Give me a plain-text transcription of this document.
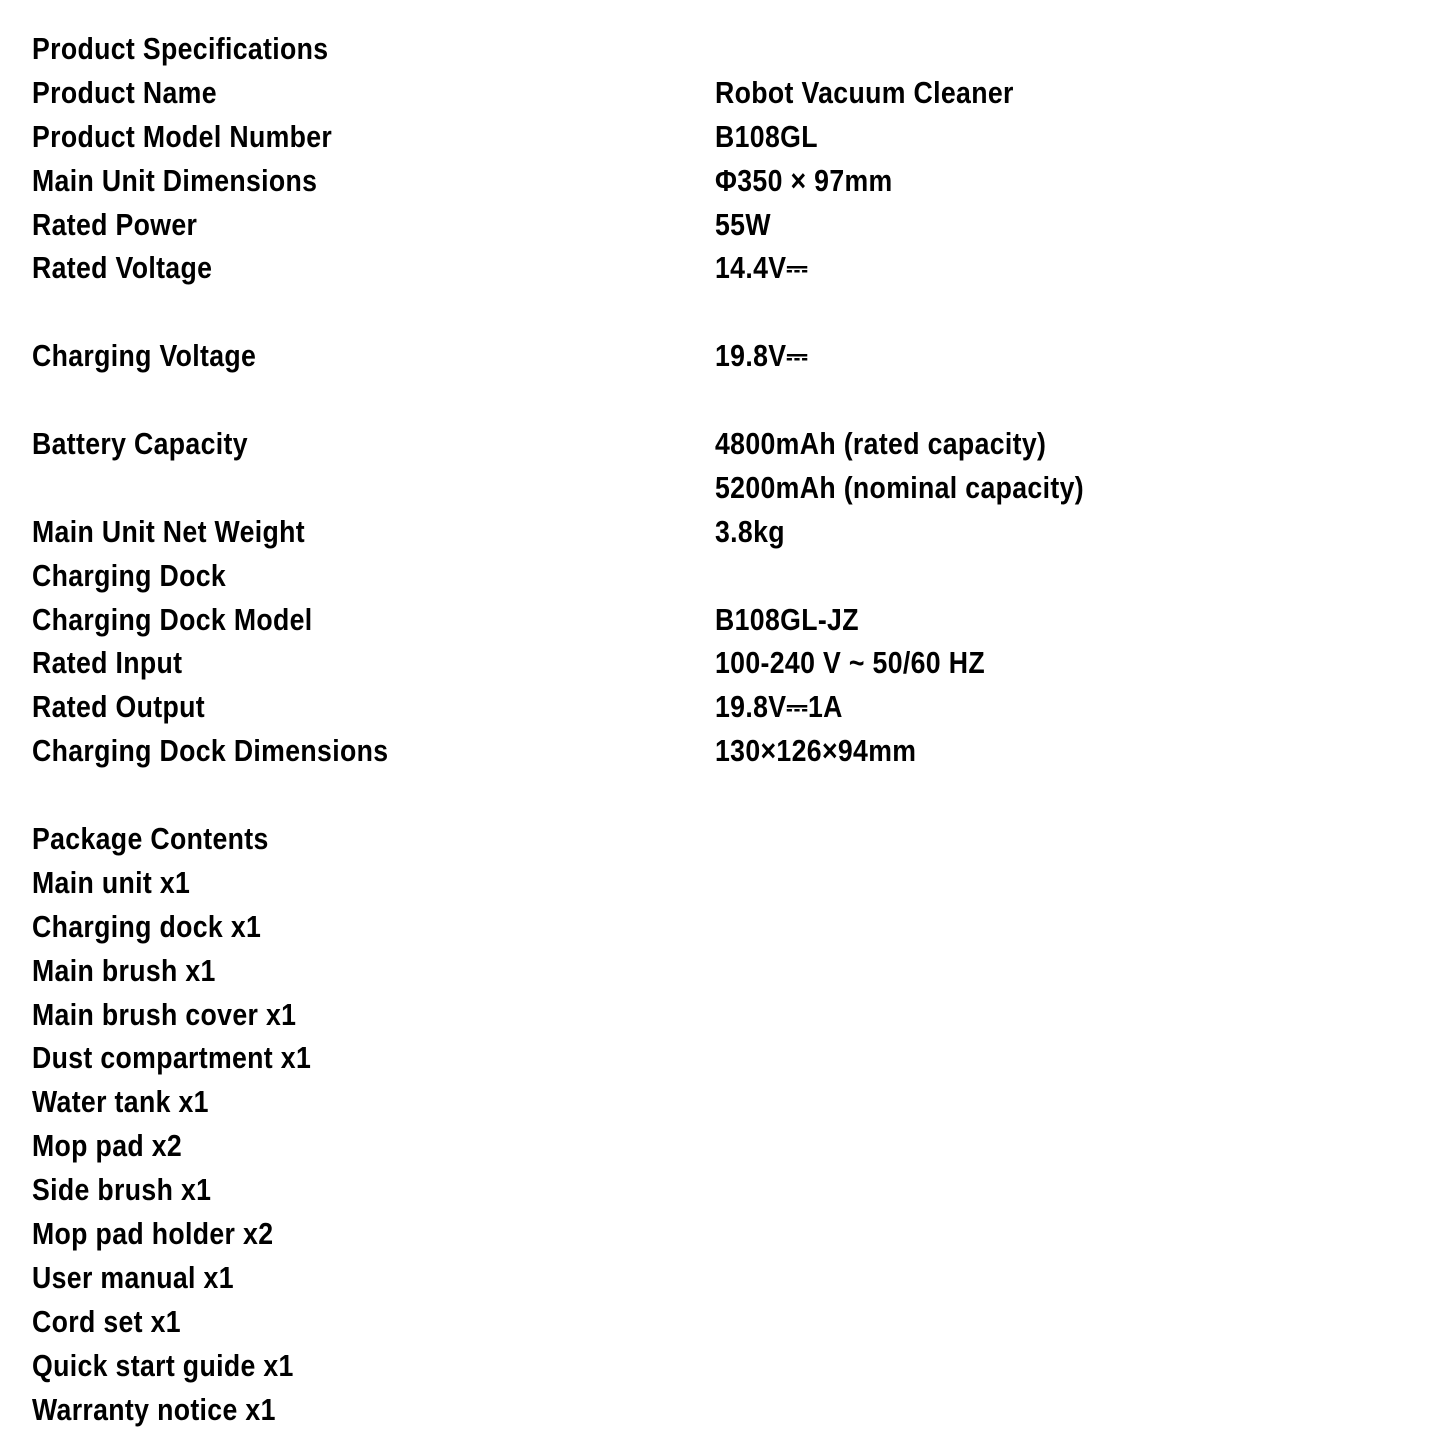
Product Specifications
Product Name	Robot Vacuum Cleaner
Product Model Number	B108GL
Main Unit Dimensions	Φ350 × 97mm
Rated Power	55W
Rated Voltage	14.4V⎓
Charging Voltage	19.8V⎓
Battery Capacity	4800mAh (rated capacity)
5200mAh (nominal capacity)
Main Unit Net Weight	3.8kg
Charging Dock
Charging Dock Model	B108GL-JZ
Rated Input	100-240 V ~ 50/60 HZ
Rated Output	19.8V⎓1A
Charging Dock Dimensions	130×126×94mm
Package Contents
Main unit x1
Charging dock x1
Main brush x1
Main brush cover x1
Dust compartment x1
Water tank x1
Mop pad x2
Side brush x1
Mop pad holder x2
User manual x1
Cord set x1
Quick start guide x1
Warranty notice x1
